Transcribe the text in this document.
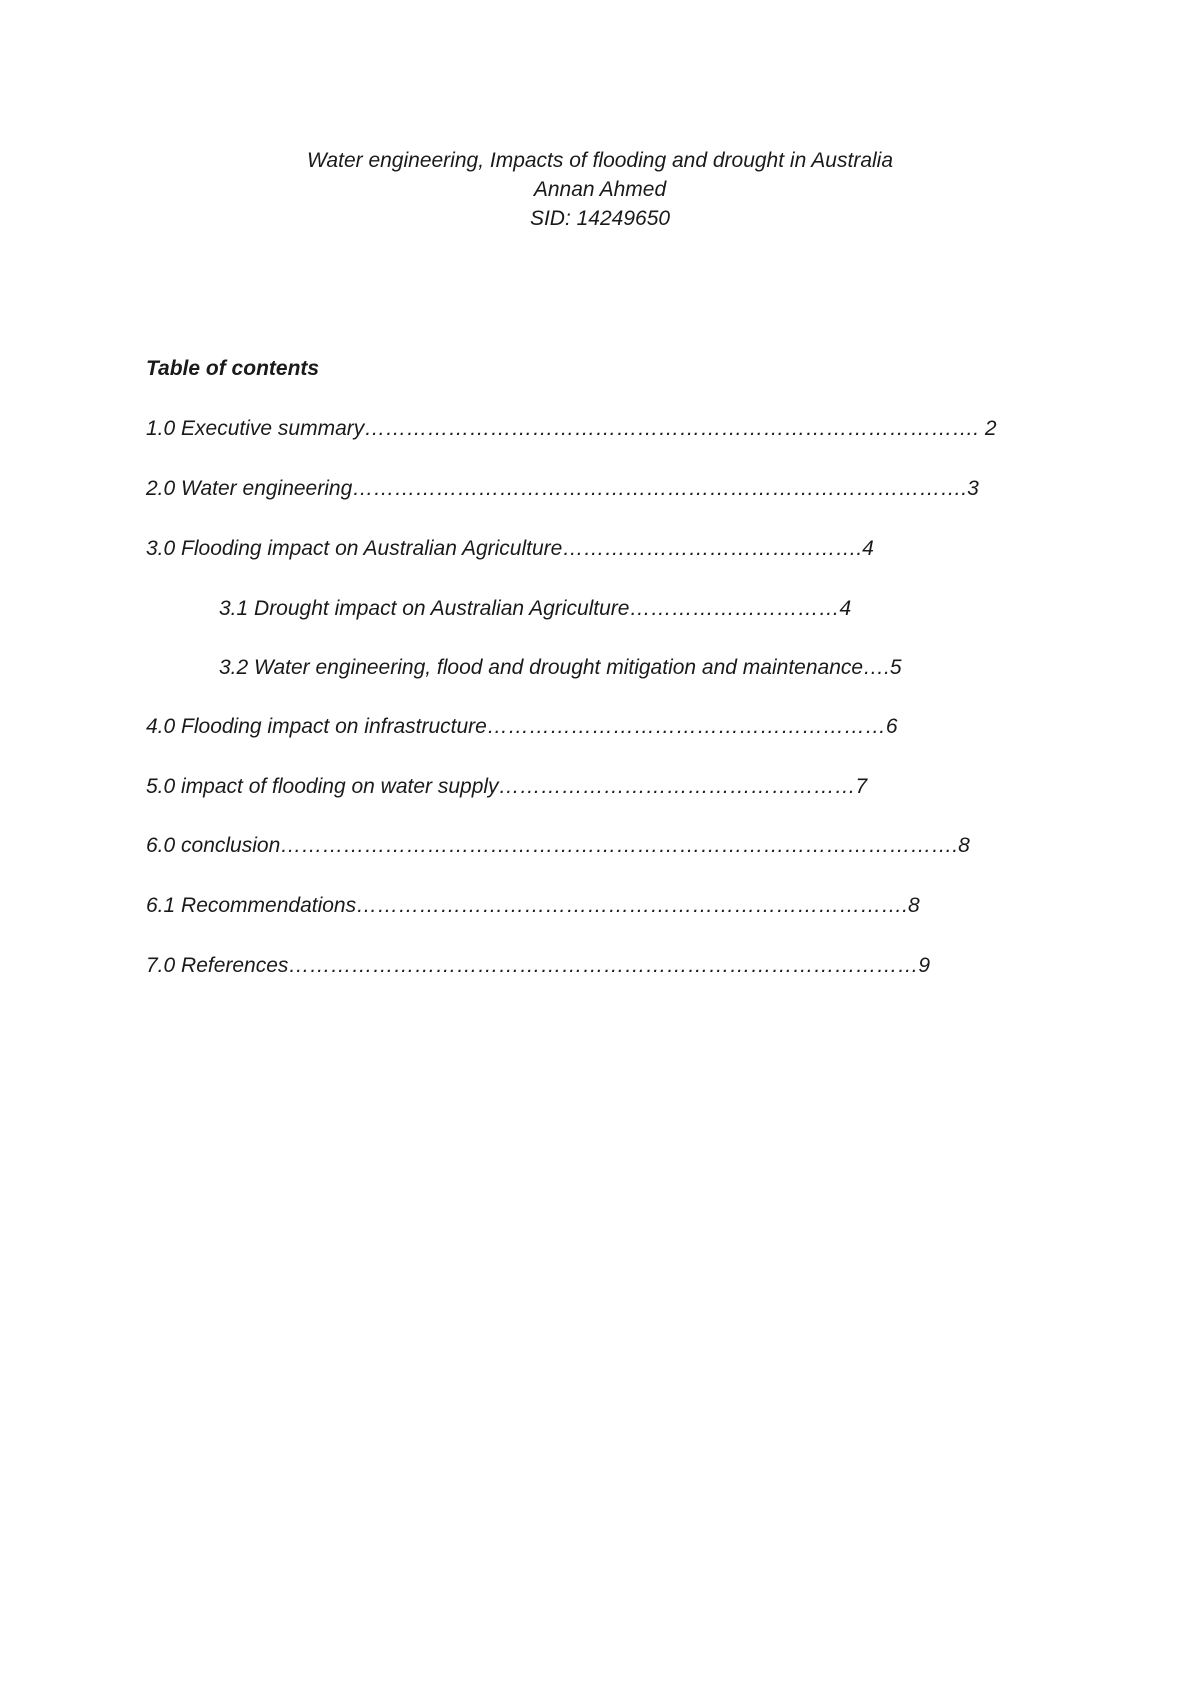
Water engineering, Impacts of flooding and drought in Australia
Annan Ahmed
SID: 14249650
Table of contents
1.0 Executive summary……………………………………………………………………………. 2
2.0 Water engineering…………………………………………………………………………….3
3.0 Flooding impact on Australian Agriculture…………………………………….4
3.1 Drought impact on Australian Agriculture…………………………4
3.2 Water engineering, flood and drought mitigation and maintenance….5
4.0 Flooding impact on infrastructure…………………………………………………6
5.0 impact of flooding on water supply……………………………………………7
6.0 conclusion…………………………………………………………………………………….8
6.1 Recommendations…………………………………………………………………….8
7.0 References………………………………………………………………………………9
